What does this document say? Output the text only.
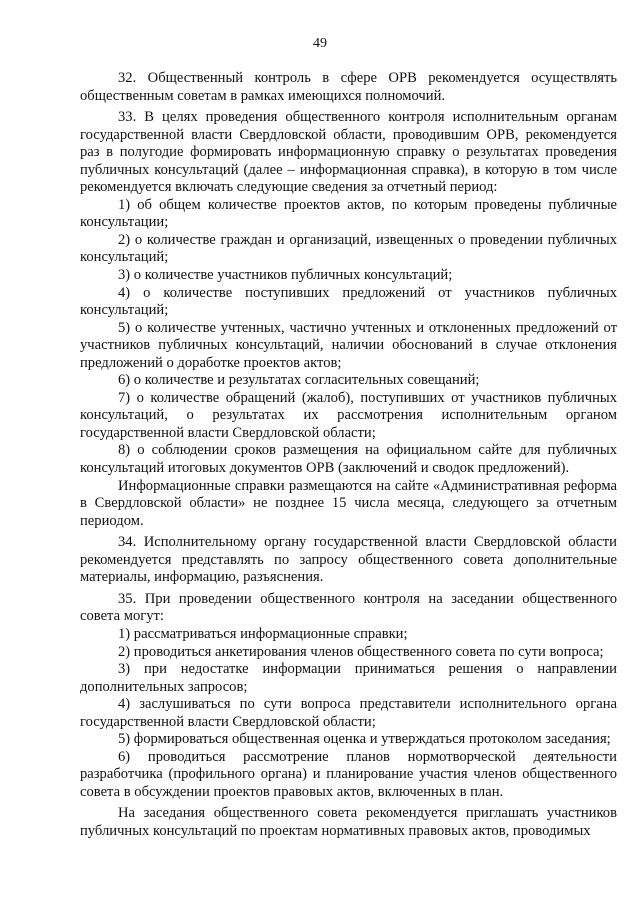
49

32. Общественный контроль в сфере ОРВ рекомендуется осуществлять общественным советам в рамках имеющихся полномочий.

33. В целях проведения общественного контроля исполнительным органам государственной власти Свердловской области, проводившим ОРВ, рекомендуется раз в полугодие формировать информационную справку о результатах проведения публичных консультаций (далее – информационная справка), в которую в том числе рекомендуется включать следующие сведения за отчетный период:

1) об общем количестве проектов актов, по которым проведены публичные консультации;

2) о количестве граждан и организаций, извещенных о проведении публичных консультаций;

3) о количестве участников публичных консультаций;

4) о количестве поступивших предложений от участников публичных консультаций;

5) о количестве учтенных, частично учтенных и отклоненных предложений от участников публичных консультаций, наличии обоснований в случае отклонения предложений о доработке проектов актов;

6) о количестве и результатах согласительных совещаний;

7) о количестве обращений (жалоб), поступивших от участников публичных консультаций, о результатах их рассмотрения исполнительным органом государственной власти Свердловской области;

8) о соблюдении сроков размещения на официальном сайте для публичных консультаций итоговых документов ОРВ (заключений и сводок предложений).

Информационные справки размещаются на сайте «Административная реформа в Свердловской области» не позднее 15 числа месяца, следующего за отчетным периодом.

34. Исполнительному органу государственной власти Свердловской области рекомендуется представлять по запросу общественного совета дополнительные материалы, информацию, разъяснения.

35. При проведении общественного контроля на заседании общественного совета могут:

1) рассматриваться информационные справки;

2) проводиться анкетирования членов общественного совета по сути вопроса;

3) при недостатке информации приниматься решения о направлении дополнительных запросов;

4) заслушиваться по сути вопроса представители исполнительного органа государственной власти Свердловской области;

5) формироваться общественная оценка и утверждаться протоколом заседания;

6) проводиться рассмотрение планов нормотворческой деятельности разработчика (профильного органа) и планирование участия членов общественного совета в обсуждении проектов правовых актов, включенных в план.

На заседания общественного совета рекомендуется приглашать участников публичных консультаций по проектам нормативных правовых актов, проводимых
